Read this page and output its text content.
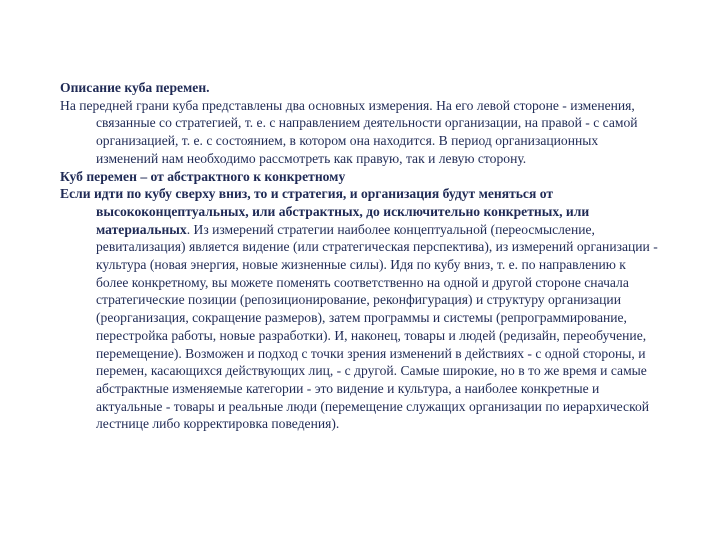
Описание куба перемен.

На передней грани куба представлены два основных измерения. На его левой стороне - изменения, связанные со стратегией, т. е. с направлением деятельности организации, на правой - с самой организацией, т. е. с состоянием, в котором она находится. В период организационных изменений нам необходимо рассмотреть как правую, так и левую сторону.

Куб перемен – от абстрактного к конкретному

Если идти по кубу сверху вниз, то и стратегия, и организация будут меняться от высококонцептуальных, или абстрактных, до исключительно конкретных, или материальных. Из измерений стратегии наиболее концептуальной (переосмысление, ревитализация) является видение (или стратегическая перспектива), из измерений организации - культура (новая энергия, новые жизненные силы). Идя по кубу вниз, т. е. по направлению к более конкретному, вы можете поменять соответственно на одной и другой стороне сначала стратегические позиции (репозиционирование, реконфигурация) и структуру организации (реорганизация, сокращение размеров), затем программы и системы (репрограммирование, перестройка работы, новые разработки). И, наконец, товары и людей (редизайн, переобучение, перемещение). Возможен и подход с точки зрения изменений в действиях - с одной стороны, и перемен, касающихся действующих лиц, - с другой. Самые широкие, но в то же время и самые абстрактные изменяемые категории - это видение и культура, а наиболее конкретные и актуальные - товары и реальные люди (перемещение служащих организации по иерархической лестнице либо корректировка поведения).
